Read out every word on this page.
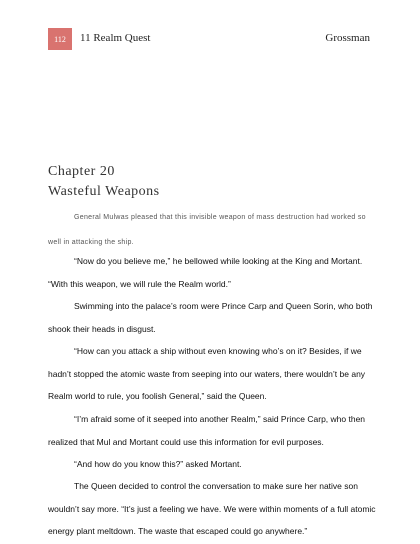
112	11 Realm Quest	Grossman
Chapter 20
Wasteful Weapons

General Mulwas pleased that this invisible weapon of mass destruction had worked so well in attacking the ship.

“Now do you believe me,” he bellowed while looking at the King and Mortant. “With this weapon, we will rule the Realm world.”

Swimming into the palace’s room were Prince Carp and Queen Sorin, who both shook their heads in disgust.

“How can you attack a ship without even knowing who’s on it? Besides, if we hadn’t stopped the atomic waste from seeping into our waters, there wouldn’t be any Realm world to rule, you foolish General,” said the Queen.

“I’m afraid some of it seeped into another Realm,” said Prince Carp, who then realized that Mul and Mortant could use this information for evil purposes.

“And how do you know this?” asked Mortant.

The Queen decided to control the conversation to make sure her native son wouldn’t say more. “It’s just a feeling we have. We were within moments of a full atomic energy plant meltdown. The waste that escaped could go anywhere.”
